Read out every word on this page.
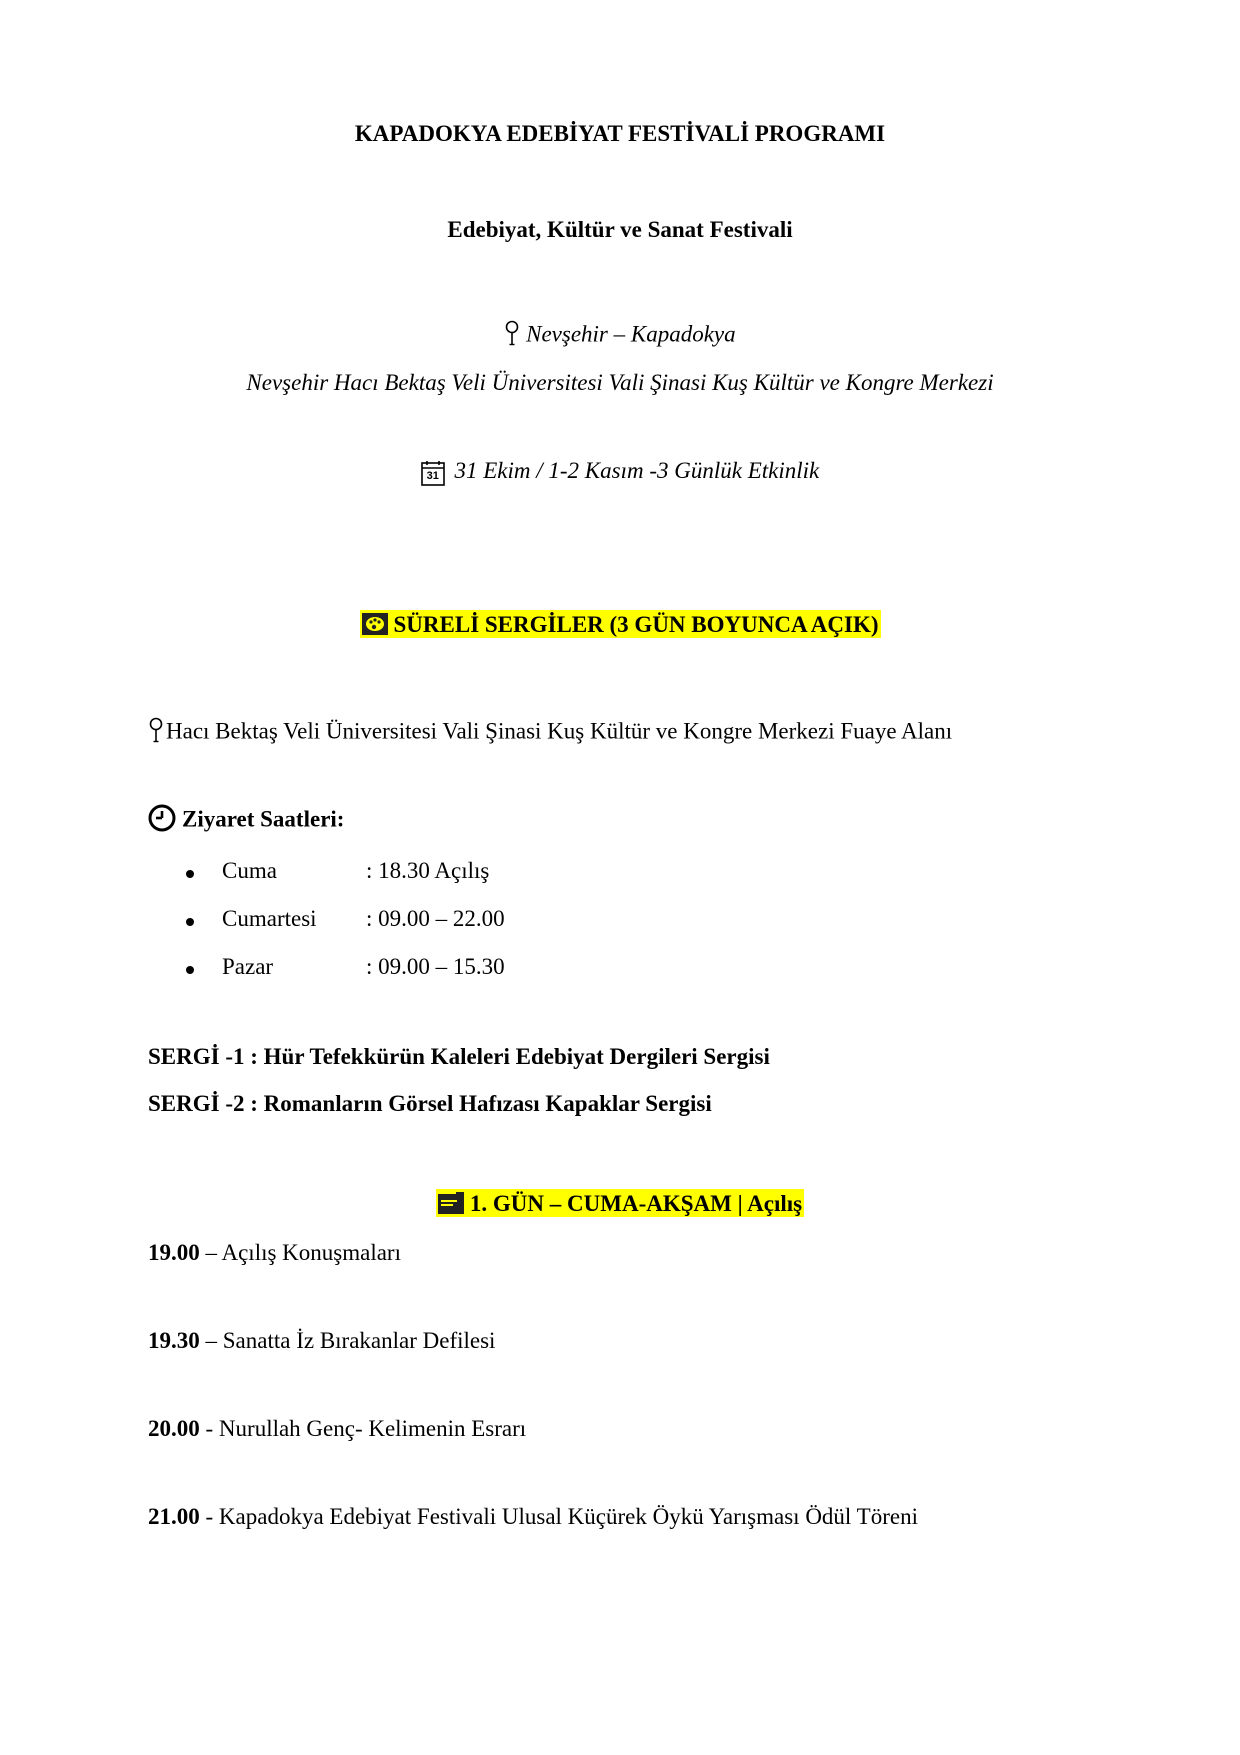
KAPADOKYA EDEBİYAT FESTİVALİ PROGRAMI
Edebiyat, Kültür ve Sanat Festivali
Nevşehir – Kapadokya
Nevşehir Hacı Bektaş Veli Üniversitesi Vali Şinasi Kuş Kültür ve Kongre Merkezi
31 31 Ekim / 1-2 Kasım -3 Günlük Etkinlik
SÜRELİ SERGİLER (3 GÜN BOYUNCA AÇIK)
Hacı Bektaş Veli Üniversitesi Vali Şinasi Kuş Kültür ve Kongre Merkezi Fuaye Alanı
Ziyaret Saatleri:
Cuma	: 18.30 Açılış
Cumartesi : 09.00 – 22.00
Pazar	: 09.00 – 15.30
SERGİ -1 : Hür Tefekkürün Kaleleri Edebiyat Dergileri Sergisi
SERGİ -2 : Romanların Görsel Hafızası Kapaklar Sergisi
1. GÜN – CUMA-AKŞAM | Açılış
19.00 – Açılış Konuşmaları
19.30 – Sanatta İz Bırakanlar Defilesi
20.00 - Nurullah Genç- Kelimenin Esrarı
21.00 - Kapadokya Edebiyat Festivali Ulusal Küçürek Öykü Yarışması Ödül Töreni
